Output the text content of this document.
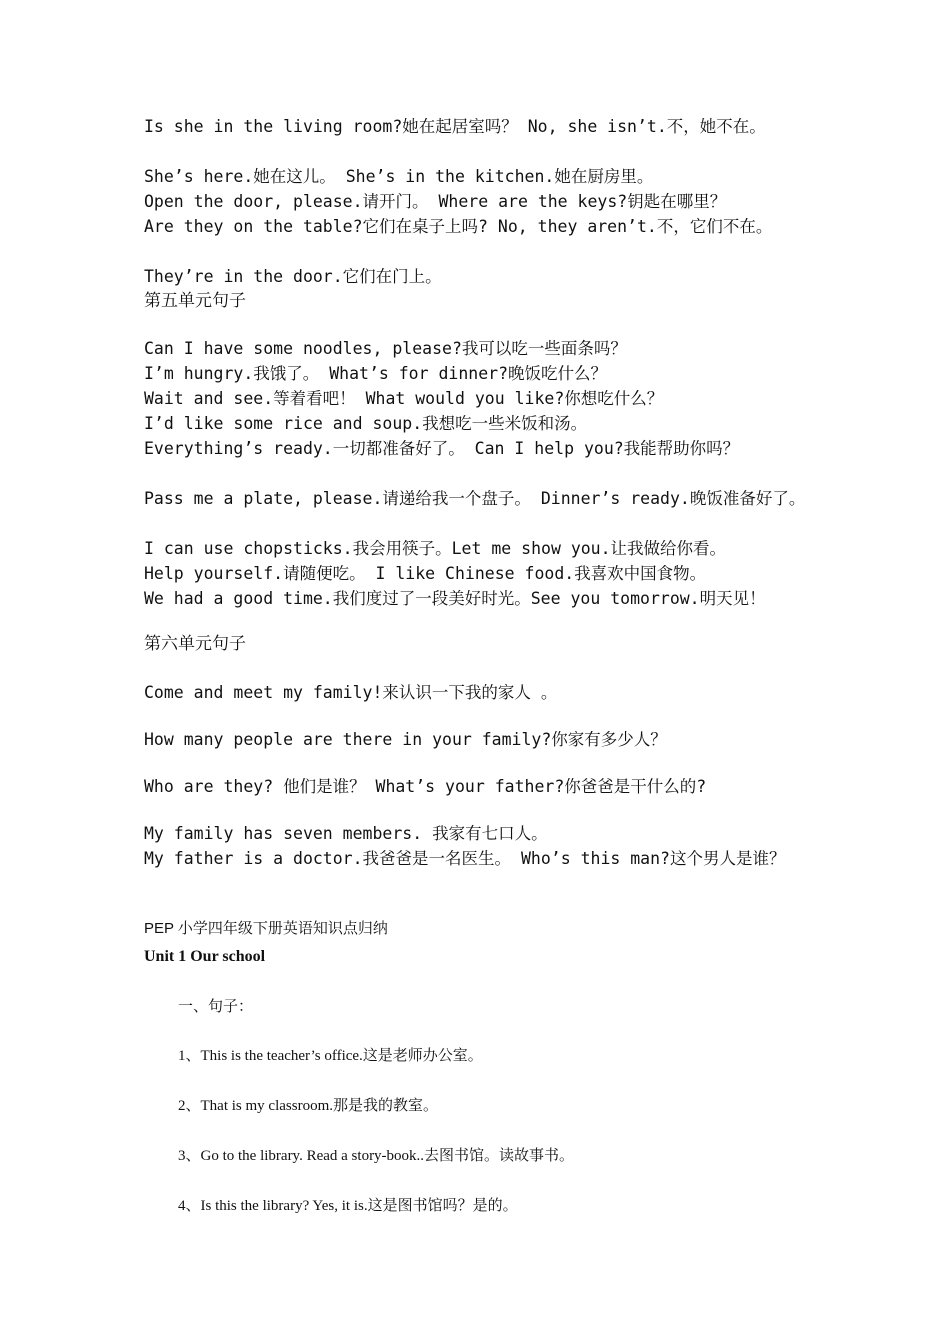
Is she in the living room?她在起居室吗？ No, she isn’t.不，她不在。
She’s here.她在这儿。 She’s in the kitchen.她在厨房里。
Open the door, please.请开门。 Where are the keys?钥匙在哪里？
Are they on the table?它们在桌子上吗? No, they aren’t.不，它们不在。
They’re in the door.它们在门上。
第五单元句子
Can I have some noodles, please?我可以吃一些面条吗？
I’m hungry.我饿了。 What’s for dinner?晚饭吃什么？
Wait and see.等着看吧！ What would you like?你想吃什么？
I’d like some rice and soup.我想吃一些米饭和汤。
Everything’s ready.一切都准备好了。 Can I help you?我能帮助你吗？
Pass me a plate, please.请递给我一个盘子。 Dinner’s ready.晚饭准备好了。
I can use chopsticks.我会用筷子。Let me show you.让我做给你看。
Help yourself.请随便吃。 I like Chinese food.我喜欢中国食物。
We had a good time.我们度过了一段美好时光。See you tomorrow.明天见！
第六单元句子
Come and meet my family!来认识一下我的家人 。
How many people are there in your family?你家有多少人？
Who are they? 他们是谁？ What’s your father?你爸爸是干什么的?
My family has seven members. 我家有七口人。
My father is a doctor.我爸爸是一名医生。 Who’s this man?这个男人是谁？
PEP 小学四年级下册英语知识点归纳
Unit 1 Our school
一、句子：
1、This is the teacher’s office.这是老师办公室。
2、That is my classroom.那是我的教室。
3、Go to the library. Read a story-book..去图书馆。读故事书。
4、Is this the library? Yes, it is.这是图书馆吗？是的。
